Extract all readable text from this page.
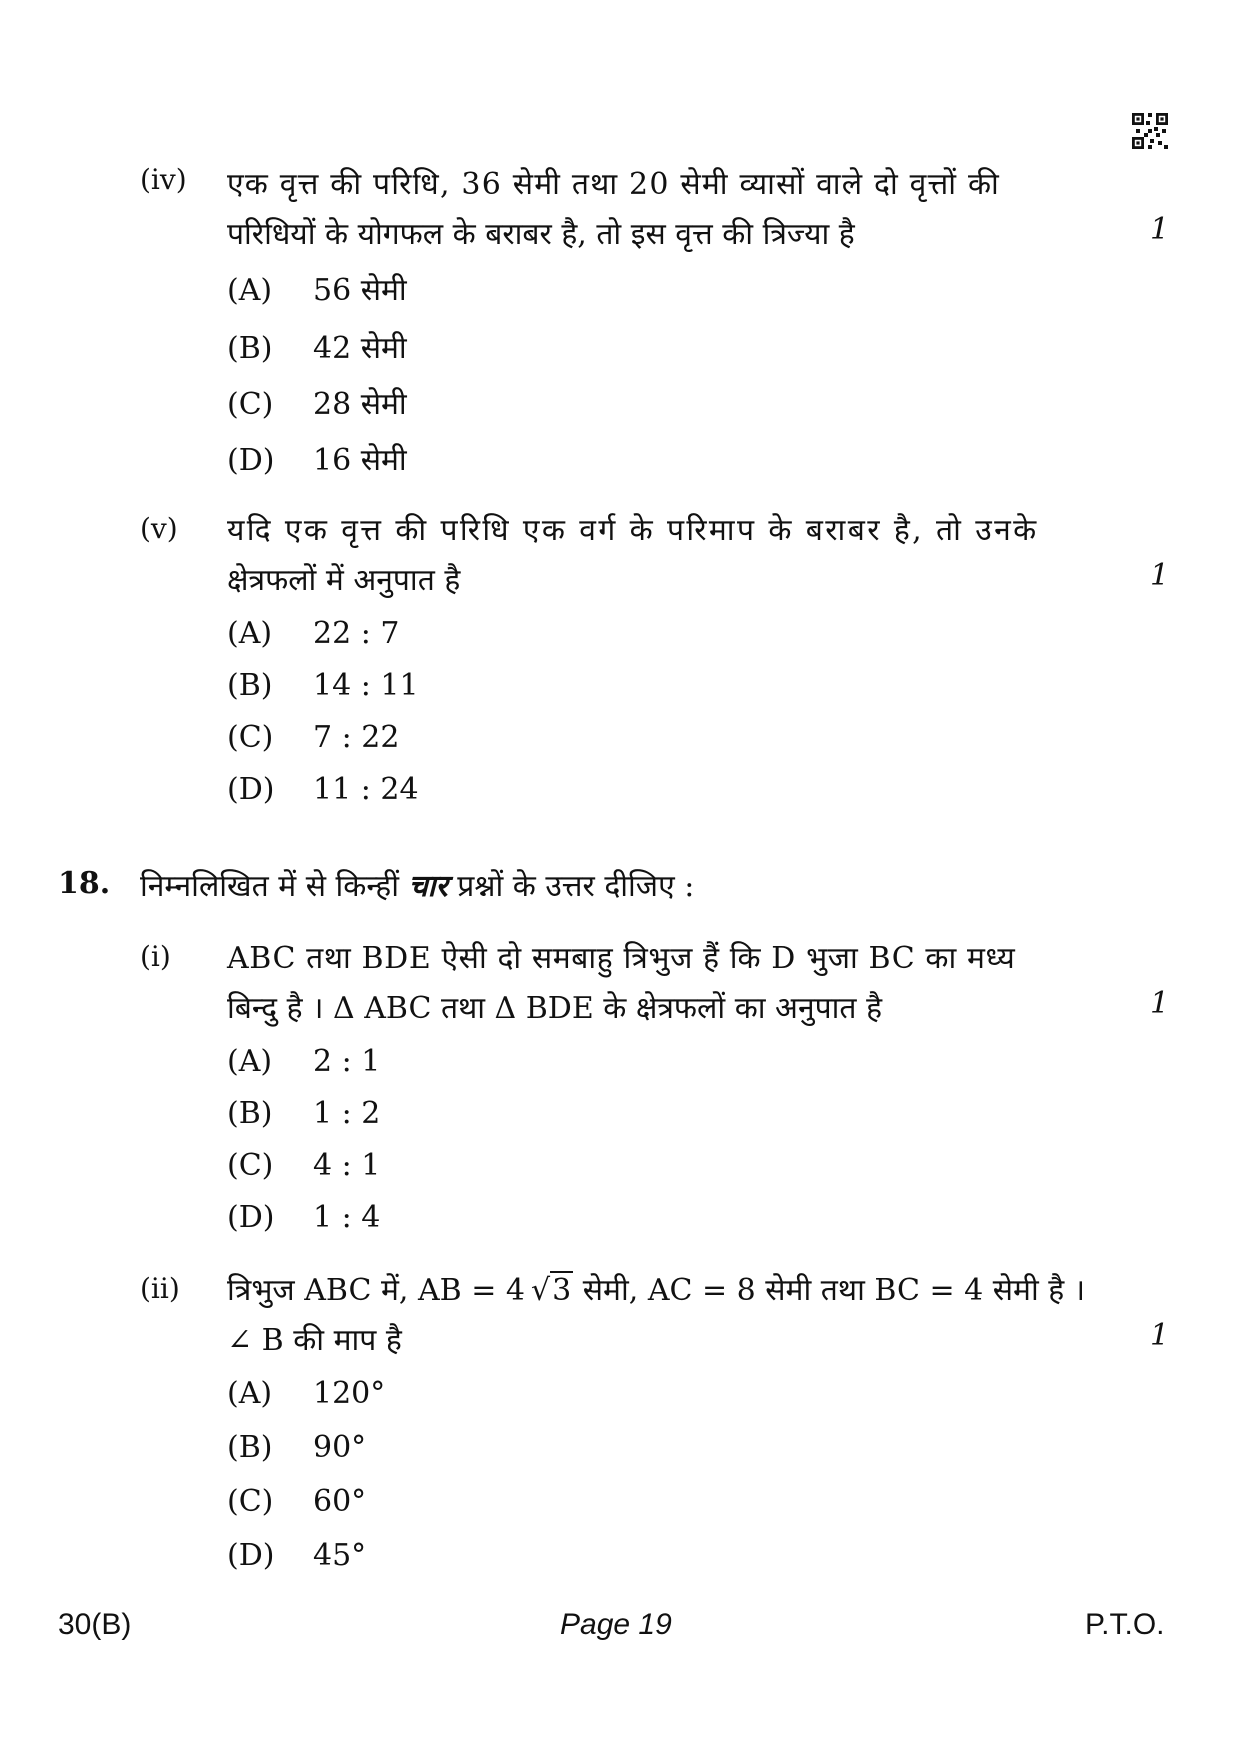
(iv) एक वृत्त की परिधि, 36 सेमी तथा 20 सेमी व्यासों वाले दो वृत्तों की
परिधियों के योगफल के बराबर है, तो इस वृत्त की त्रिज्या है	1
(A) 56 सेमी
(B) 42 सेमी
(C) 28 सेमी
(D) 16 सेमी
(v) यदि एक वृत्त की परिधि एक वर्ग के परिमाप के बराबर है, तो उनके
क्षेत्रफलों में अनुपात है	1
(A) 22 : 7
(B) 14 : 11
(C) 7 : 22
(D) 11 : 24
18. निम्नलिखित में से किन्हीं चार प्रश्नों के उत्तर दीजिए :
(i) ABC तथा BDE ऐसी दो समबाहु त्रिभुज हैं कि D भुजा BC का मध्य
बिन्दु है । Δ ABC तथा Δ BDE के क्षेत्रफलों का अनुपात है	1
(A) 2 : 1
(B) 1 : 2
(C) 4 : 1
(D) 1 : 4
(ii) त्रिभुज ABC में, AB = 4 √3 सेमी, AC = 8 सेमी तथा BC = 4 सेमी है ।
∠ B की माप है	1
(A) 120°
(B) 90°
(C) 60°
(D) 45°
30(B)	Page 19	P.T.O.
